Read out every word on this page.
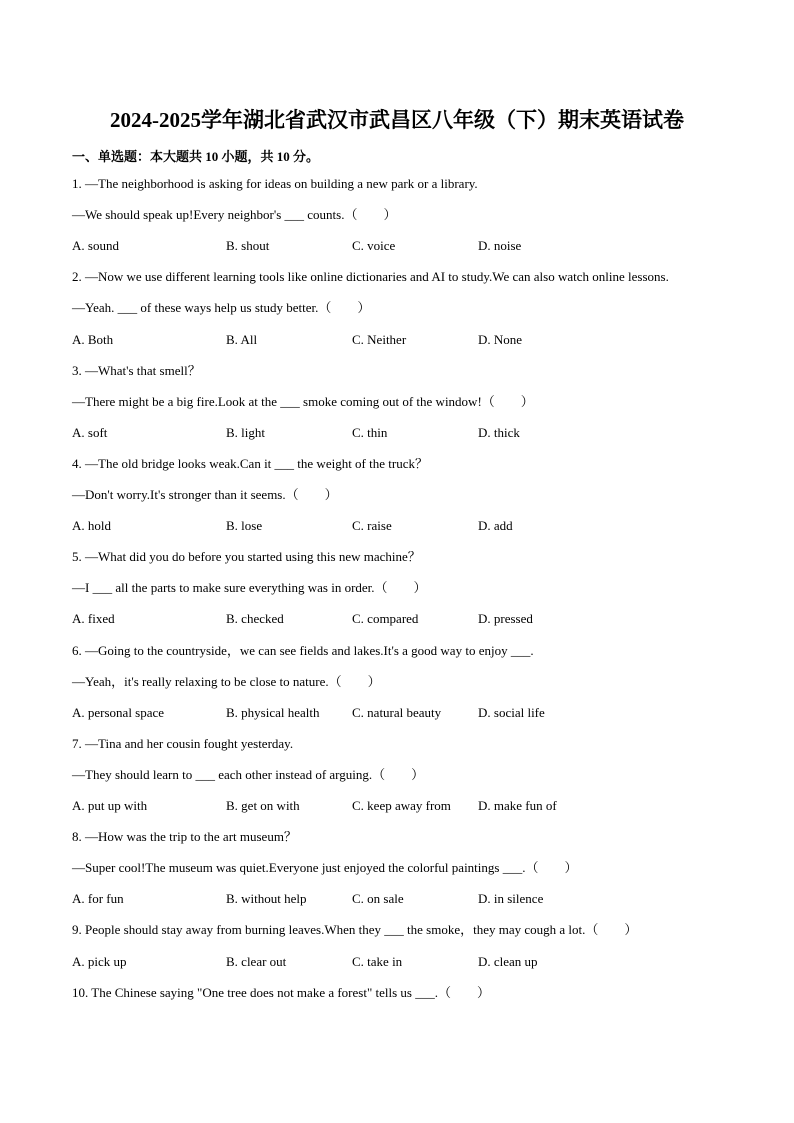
2024-2025学年湖北省武汉市武昌区八年级（下）期末英语试卷
一、单选题：本大题共 10 小题，共 10 分。
1. —The neighborhood is asking for ideas on building a new park or a library.
—We should speak up!Every neighbor's ___ counts.（　　）
A. sound	B. shout	C. voice	D. noise
2. —Now we use different learning tools like online dictionaries and AI to study.We can also watch online lessons.
—Yeah. ___ of these ways help us study better.（　　）
A. Both	B. All	C. Neither	D. None
3. —What's that smell？
—There might be a big fire.Look at the ___ smoke coming out of the window!（　　）
A. soft	B. light	C. thin	D. thick
4. —The old bridge looks weak.Can it ___ the weight of the truck？
—Don't worry.It's stronger than it seems.（　　）
A. hold	B. lose	C. raise	D. add
5. —What did you do before you started using this new machine？
—I ___ all the parts to make sure everything was in order.（　　）
A. fixed	B. checked	C. compared	D. pressed
6. —Going to the countryside，we can see fields and lakes.It's a good way to enjoy ___.
—Yeah，it's really relaxing to be close to nature.（　　）
A. personal space	B. physical health C. natural beauty	D. social life
7. —Tina and her cousin fought yesterday.
—They should learn to ___ each other instead of arguing.（　　）
A. put up with	B. get on with	C. keep away from D. make fun of
8. —How was the trip to the art museum？
—Super cool!The museum was quiet.Everyone just enjoyed the colorful paintings ___.（　　）
A. for fun	B. without help	C. on sale	D. in silence
9. People should stay away from burning leaves.When they ___ the smoke，they may cough a lot.（　　）
A. pick up	B. clear out	C. take in	D. clean up
10. The Chinese saying "One tree does not make a forest" tells us ___.（　　）
